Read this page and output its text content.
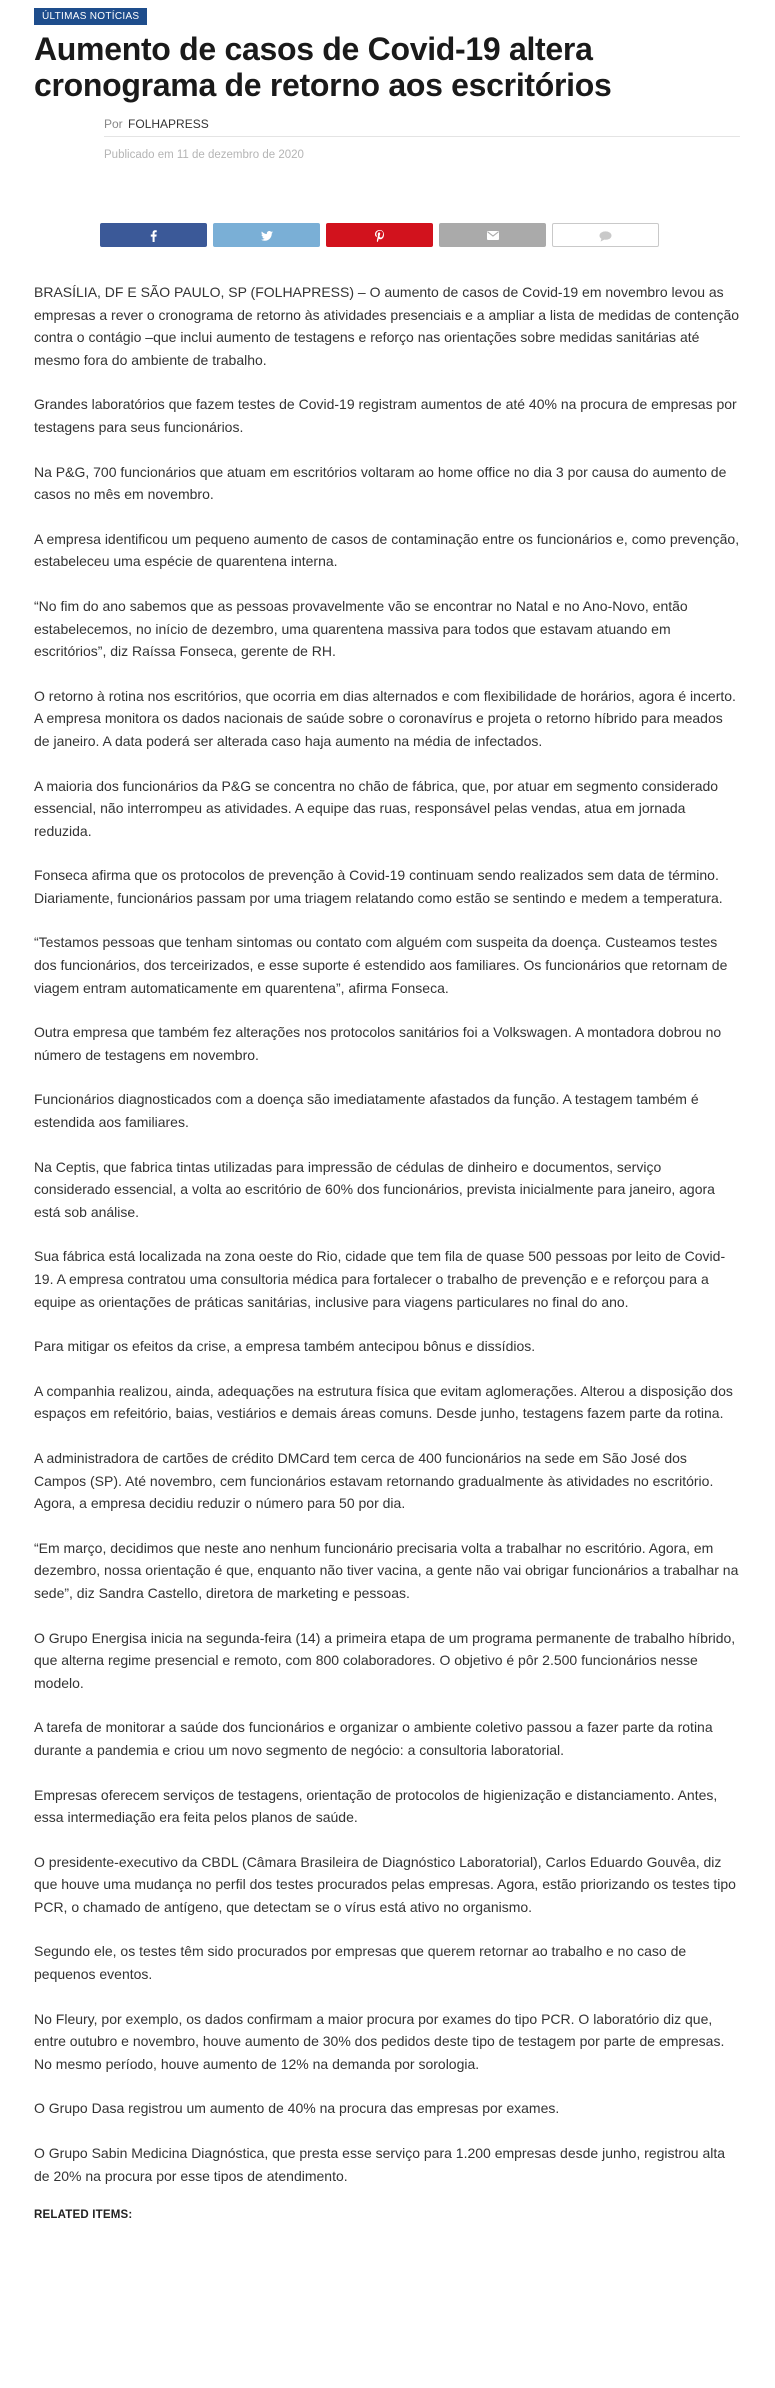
ÚLTIMAS NOTÍCIAS
Aumento de casos de Covid-19 altera cronograma de retorno aos escritórios
Por FOLHAPRESS
Publicado em 11 de dezembro de 2020

BRASÍLIA, DF E SÃO PAULO, SP (FOLHAPRESS) – O aumento de casos de Covid-19 em novembro levou as empresas a rever o cronograma de retorno às atividades presenciais e a ampliar a lista de medidas de contenção contra o contágio –que inclui aumento de testagens e reforço nas orientações sobre medidas sanitárias até mesmo fora do ambiente de trabalho.

Grandes laboratórios que fazem testes de Covid-19 registram aumentos de até 40% na procura de empresas por testagens para seus funcionários.

Na P&G, 700 funcionários que atuam em escritórios voltaram ao home office no dia 3 por causa do aumento de casos no mês em novembro.

A empresa identificou um pequeno aumento de casos de contaminação entre os funcionários e, como prevenção, estabeleceu uma espécie de quarentena interna.

“No fim do ano sabemos que as pessoas provavelmente vão se encontrar no Natal e no Ano-Novo, então estabelecemos, no início de dezembro, uma quarentena massiva para todos que estavam atuando em escritórios”, diz Raíssa Fonseca, gerente de RH.

O retorno à rotina nos escritórios, que ocorria em dias alternados e com flexibilidade de horários, agora é incerto. A empresa monitora os dados nacionais de saúde sobre o coronavírus e projeta o retorno híbrido para meados de janeiro. A data poderá ser alterada caso haja aumento na média de infectados.

A maioria dos funcionários da P&G se concentra no chão de fábrica, que, por atuar em segmento considerado essencial, não interrompeu as atividades. A equipe das ruas, responsável pelas vendas, atua em jornada reduzida.

Fonseca afirma que os protocolos de prevenção à Covid-19 continuam sendo realizados sem data de término. Diariamente, funcionários passam por uma triagem relatando como estão se sentindo e medem a temperatura.

“Testamos pessoas que tenham sintomas ou contato com alguém com suspeita da doença. Custeamos testes dos funcionários, dos terceirizados, e esse suporte é estendido aos familiares. Os funcionários que retornam de viagem entram automaticamente em quarentena”, afirma Fonseca.

Outra empresa que também fez alterações nos protocolos sanitários foi a Volkswagen. A montadora dobrou no número de testagens em novembro.

Funcionários diagnosticados com a doença são imediatamente afastados da função. A testagem também é estendida aos familiares.

Na Ceptis, que fabrica tintas utilizadas para impressão de cédulas de dinheiro e documentos, serviço considerado essencial, a volta ao escritório de 60% dos funcionários, prevista inicialmente para janeiro, agora está sob análise.

Sua fábrica está localizada na zona oeste do Rio, cidade que tem fila de quase 500 pessoas por leito de Covid-19. A empresa contratou uma consultoria médica para fortalecer o trabalho de prevenção e e reforçou para a equipe as orientações de práticas sanitárias, inclusive para viagens particulares no final do ano.

Para mitigar os efeitos da crise, a empresa também antecipou bônus e dissídios.

A companhia realizou, ainda, adequações na estrutura física que evitam aglomerações. Alterou a disposição dos espaços em refeitório, baias, vestiários e demais áreas comuns. Desde junho, testagens fazem parte da rotina.

A administradora de cartões de crédito DMCard tem cerca de 400 funcionários na sede em São José dos Campos (SP). Até novembro, cem funcionários estavam retornando gradualmente às atividades no escritório. Agora, a empresa decidiu reduzir o número para 50 por dia.

“Em março, decidimos que neste ano nenhum funcionário precisaria volta a trabalhar no escritório. Agora, em dezembro, nossa orientação é que, enquanto não tiver vacina, a gente não vai obrigar funcionários a trabalhar na sede”, diz Sandra Castello, diretora de marketing e pessoas.

O Grupo Energisa inicia na segunda-feira (14) a primeira etapa de um programa permanente de trabalho híbrido, que alterna regime presencial e remoto, com 800 colaboradores. O objetivo é pôr 2.500 funcionários nesse modelo.

A tarefa de monitorar a saúde dos funcionários e organizar o ambiente coletivo passou a fazer parte da rotina durante a pandemia e criou um novo segmento de negócio: a consultoria laboratorial.

Empresas oferecem serviços de testagens, orientação de protocolos de higienização e distanciamento. Antes, essa intermediação era feita pelos planos de saúde.

O presidente-executivo da CBDL (Câmara Brasileira de Diagnóstico Laboratorial), Carlos Eduardo Gouvêa, diz que houve uma mudança no perfil dos testes procurados pelas empresas. Agora, estão priorizando os testes tipo PCR, o chamado de antígeno, que detectam se o vírus está ativo no organismo.

Segundo ele, os testes têm sido procurados por empresas que querem retornar ao trabalho e no caso de pequenos eventos.

No Fleury, por exemplo, os dados confirmam a maior procura por exames do tipo PCR. O laboratório diz que, entre outubro e novembro, houve aumento de 30% dos pedidos deste tipo de testagem por parte de empresas. No mesmo período, houve aumento de 12% na demanda por sorologia.

O Grupo Dasa registrou um aumento de 40% na procura das empresas por exames.

O Grupo Sabin Medicina Diagnóstica, que presta esse serviço para 1.200 empresas desde junho, registrou alta de 20% na procura por esse tipos de atendimento.

RELATED ITEMS:
